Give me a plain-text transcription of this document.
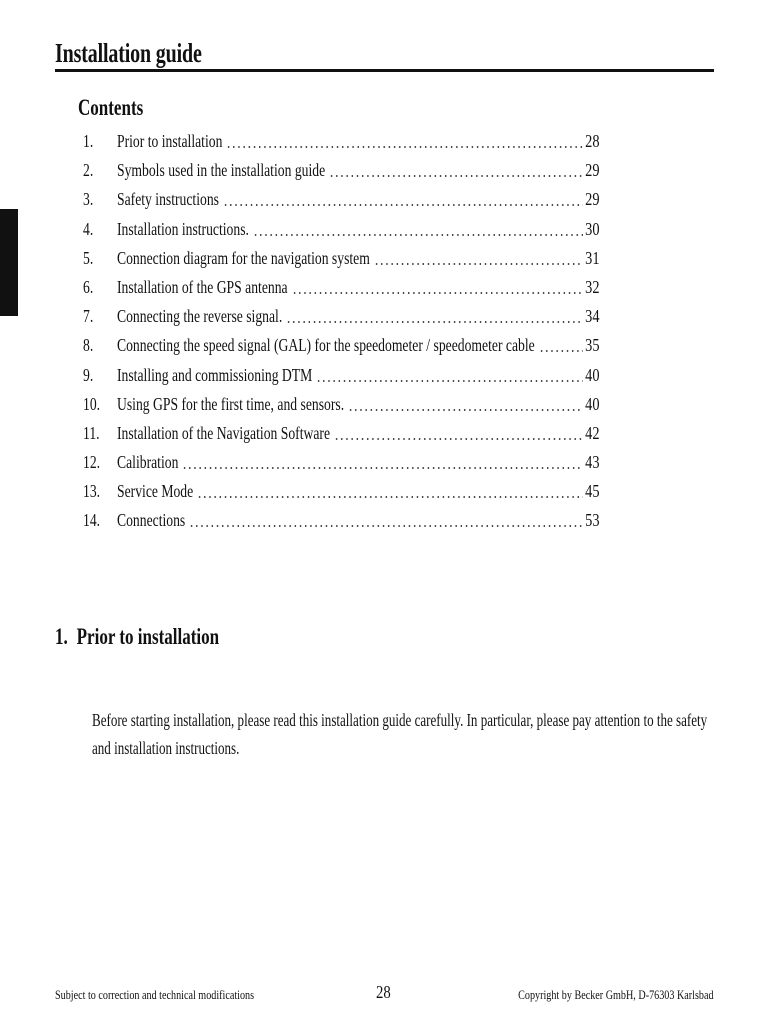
Installation guide
Contents
1.	Prior to installation	28
2.	Symbols used in the installation guide	29
3.	Safety instructions	29
4.	Installation instructions.	30
5.	Connection diagram for the navigation system	31
6.	Installation of the GPS antenna	32
7.	Connecting the reverse signal.	34
8.	Connecting the speed signal (GAL) for the speedometer / speedometer cable	35
9.	Installing and commissioning DTM	40
10. Using GPS for the first time, and sensors.	40
11. Installation of the Navigation Software	42
12. Calibration	43
13. Service Mode	45
14. Connections	53
1. Prior to installation

Before starting installation, please read this installation guide carefully. In particular, please pay attention to the safety and installation instructions.

Subject to correction and technical modifications	28	Copyright by Becker GmbH, D-76303 Karlsbad
